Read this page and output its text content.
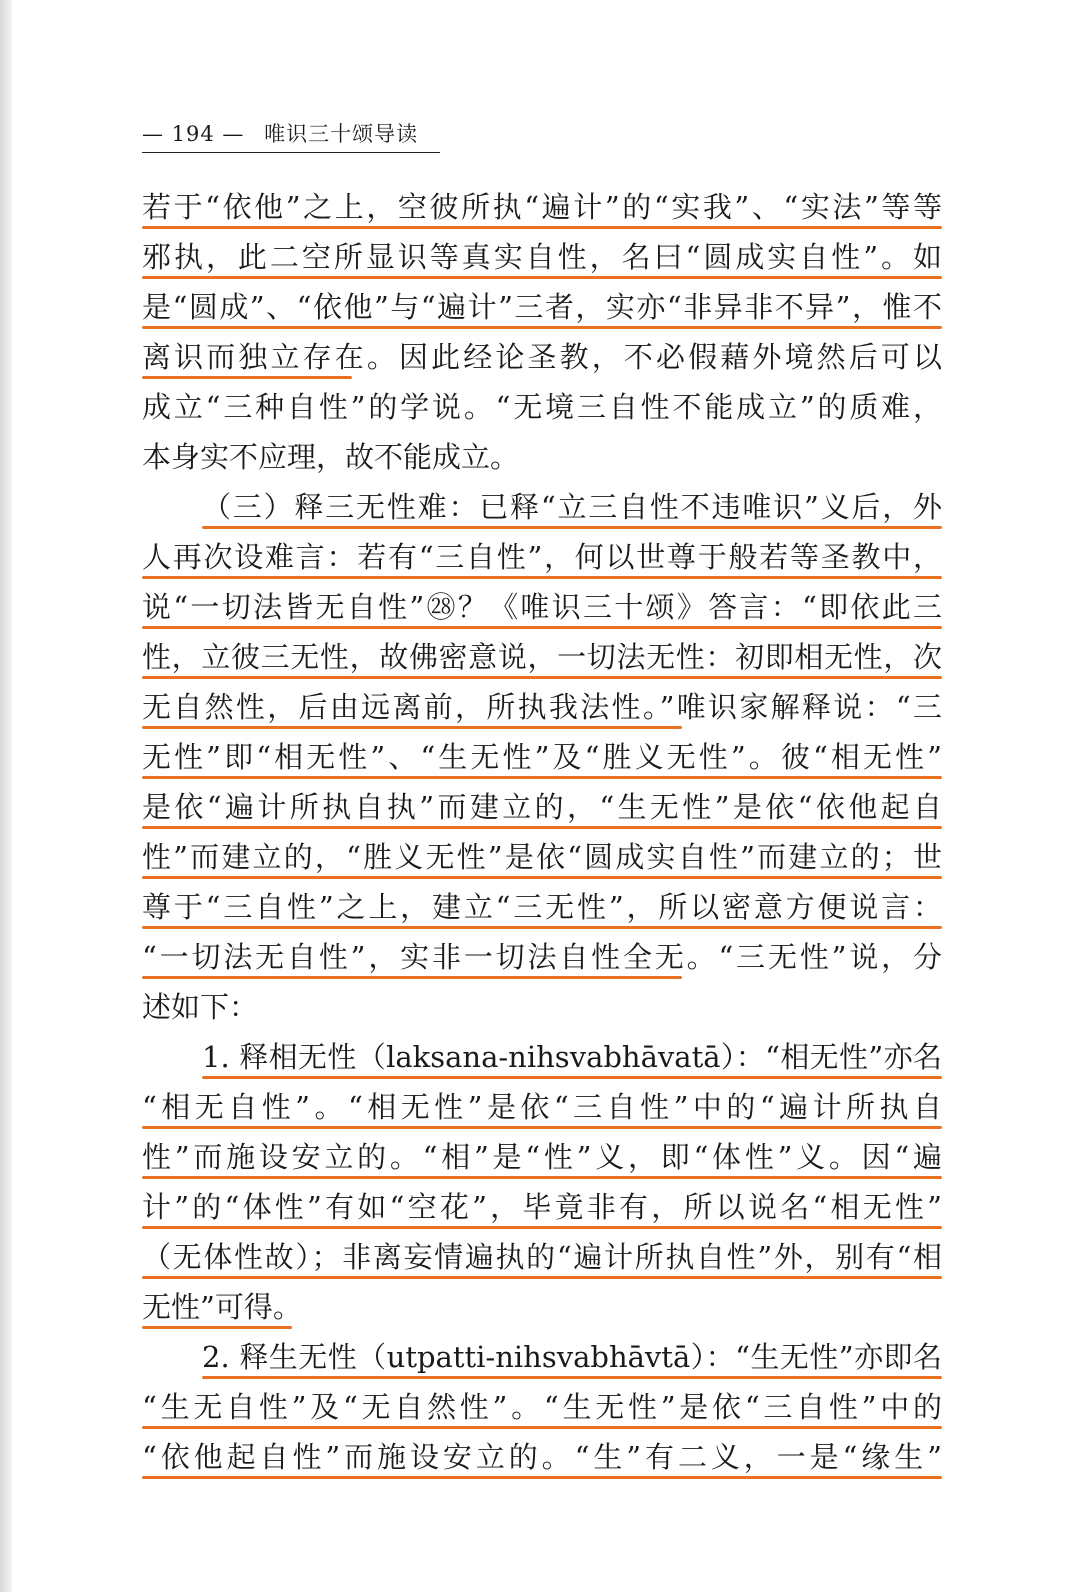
— 194 — 唯识三十颂导读
若于“依他”之上，空彼所执“遍计”的“实我”、“实法”等等
邪执，此二空所显识等真实自性，名曰“圆成实自性”。如
是“圆成”、“依他”与“遍计”三者，实亦“非异非不异”，惟不
离识而独立存在。因此经论圣教，不必假藉外境然后可以
成立“三种自性”的学说。“无境三自性不能成立”的质难，
本身实不应理，故不能成立。
（三）释三无性难：已释“立三自性不违唯识”义后，外
人再次设难言：若有“三自性”，何以世尊于般若等圣教中，
说“一切法皆无自性”㉘？《唯识三十颂》答言：“即依此三
性，立彼三无性，故佛密意说，一切法无性：初即相无性，次
无自然性，后由远离前，所执我法性。”唯识家解释说：“三
无性”即“相无性”、“生无性”及“胜义无性”。彼“相无性”
是依“遍计所执自执”而建立的，“生无性”是依“依他起自
性”而建立的，“胜义无性”是依“圆成实自性”而建立的；世
尊于“三自性”之上，建立“三无性”，所以密意方便说言：
“一切法无自性”，实非一切法自性全无。“三无性”说，分
述如下：
1. 释相无性（laksana-nihsvabhāvatā）：“相无性”亦名
“相无自性”。“相无性”是依“三自性”中的“遍计所执自
性”而施设安立的。“相”是“性”义，即“体性”义。因“遍
计”的“体性”有如“空花”，毕竟非有，所以说名“相无性”
（无体性故）；非离妄情遍执的“遍计所执自性”外，别有“相
无性”可得。
2. 释生无性（utpatti-nihsvabhāvtā）：“生无性”亦即名
“生无自性”及“无自然性”。“生无性”是依“三自性”中的
“依他起自性”而施设安立的。“生”有二义，一是“缘生”
